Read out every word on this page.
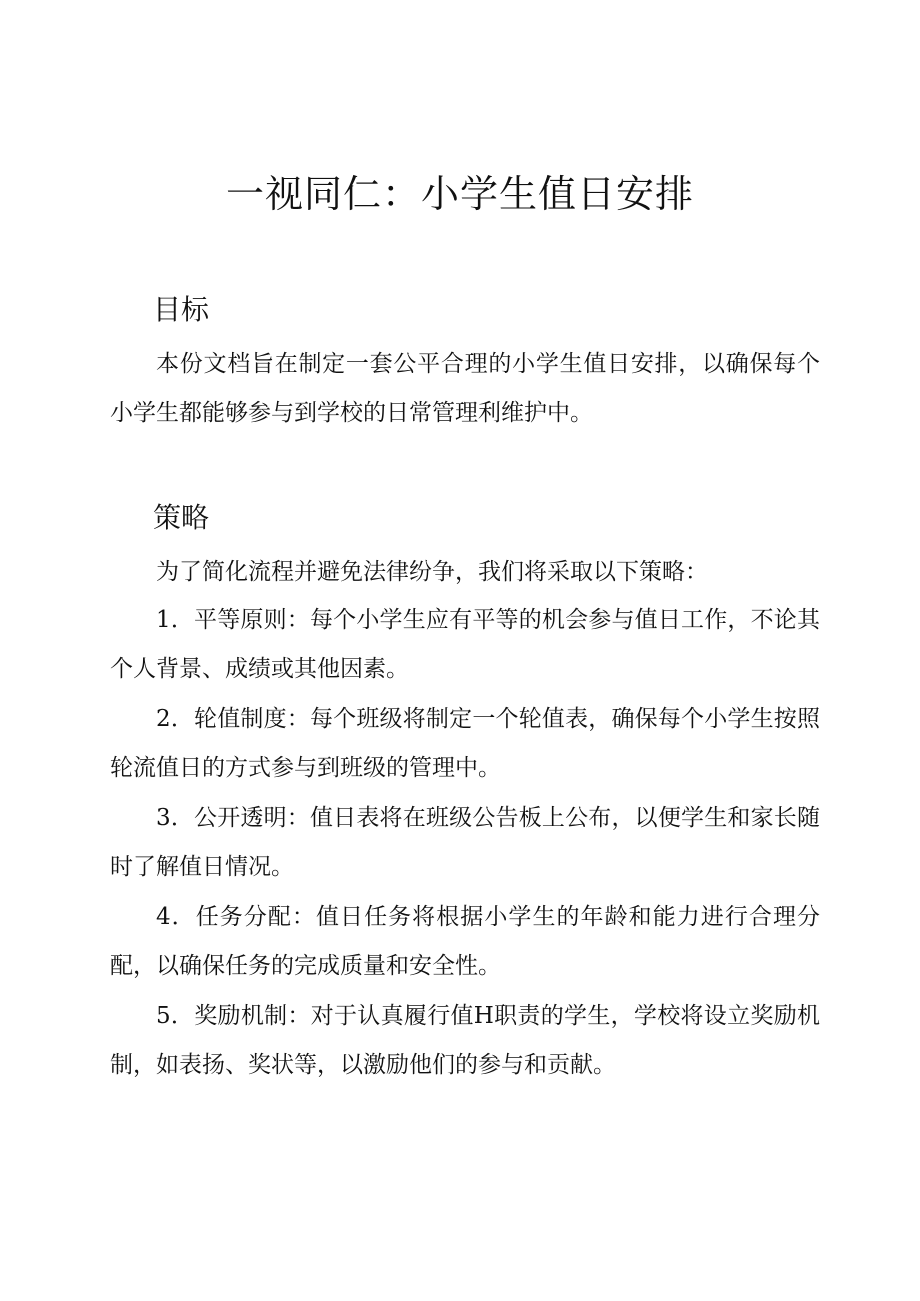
一视同仁：小学生值日安排
目标

本份文档旨在制定一套公平合理的小学生值日安排，以确保每个小学生都能够参与到学校的日常管理利维护中。

策略

为了简化流程并避免法律纷争，我们将采取以下策略：

1．平等原则：每个小学生应有平等的机会参与值日工作，不论其个人背景、成绩或其他因素。

2．轮值制度：每个班级将制定一个轮值表，确保每个小学生按照轮流值日的方式参与到班级的管理中。

3．公开透明：值日表将在班级公告板上公布，以便学生和家长随时了解值日情况。

4．任务分配：值日任务将根据小学生的年龄和能力进行合理分配，以确保任务的完成质量和安全性。

5．奖励机制：对于认真履行值H职责的学生，学校将设立奖励机制，如表扬、奖状等，以激励他们的参与和贡献。
